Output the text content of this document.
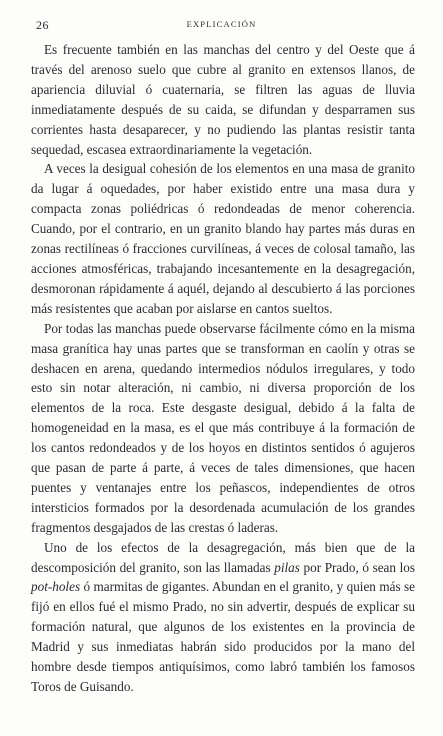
26	EXPLICACIÓN

Es frecuente también en las manchas del centro y del Oeste que á través del arenoso suelo que cubre al granito en extensos llanos, de apariencia diluvial ó cuaternaria, se filtren las aguas de lluvia inmediatamente después de su caida, se difundan y desparramen sus corrientes hasta desaparecer, y no pudiendo las plantas resistir tanta sequedad, escasea extraordinariamente la vegetación.

A veces la desigual cohesión de los elementos en una masa de granito da lugar á oquedades, por haber existido entre una masa dura y compacta zonas poliédricas ó redondeadas de menor coherencia. Cuando, por el contrario, en un granito blando hay partes más duras en zonas rectilíneas ó fracciones curvilíneas, á veces de colosal tamaño, las acciones atmosféricas, trabajando incesantemente en la desagregación, desmoronan rápidamente á aquél, dejando al descubierto á las porciones más resistentes que acaban por aislarse en cantos sueltos.

Por todas las manchas puede observarse fácilmente cómo en la misma masa granítica hay unas partes que se transforman en caolín y otras se deshacen en arena, quedando intermedios nódulos irregulares, y todo esto sin notar alteración, ni cambio, ni diversa proporción de los elementos de la roca. Este desgaste desigual, debido á la falta de homogeneidad en la masa, es el que más contribuye á la formación de los cantos redondeados y de los hoyos en distintos sentidos ó agujeros que pasan de parte á parte, á veces de tales dimensiones, que hacen puentes y ventanajes entre los peñascos, independientes de otros intersticios formados por la desordenada acumulación de los grandes fragmentos desgajados de las crestas ó laderas.

Uno de los efectos de la desagregación, más bien que de la descomposición del granito, son las llamadas pilas por Prado, ó sean los pot-holes ó marmitas de gigantes. Abundan en el granito, y quien más se fijó en ellos fué el mismo Prado, no sin advertir, después de explicar su formación natural, que algunos de los existentes en la provincia de Madrid y sus inmediatas habrán sido producidos por la mano del hombre desde tiempos antiquísimos, como labró también los famosos Toros de Guisando.
